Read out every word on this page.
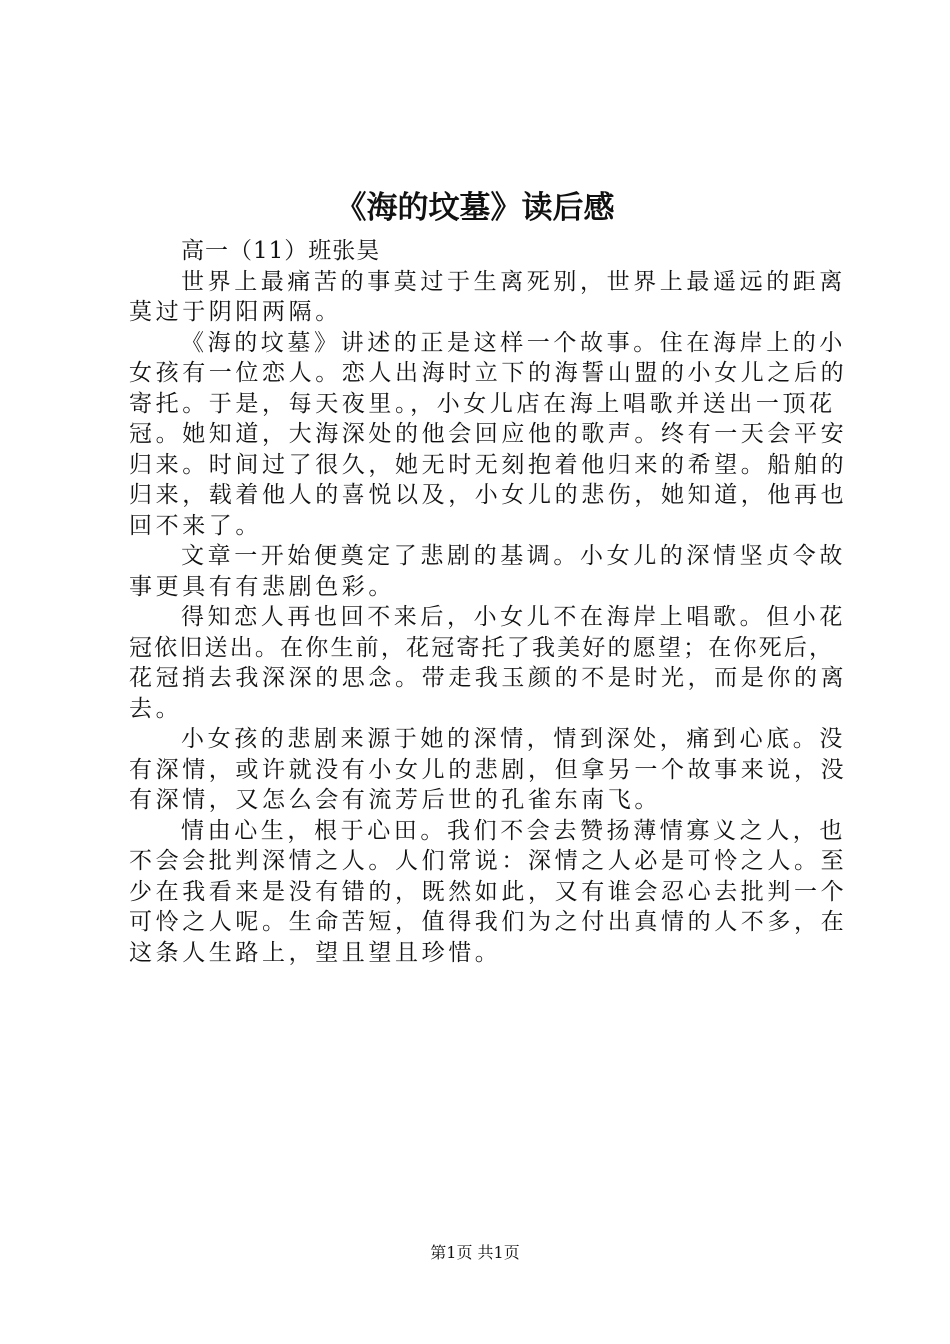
《海的坟墓》读后感
高一（11）班张昊
世界上最痛苦的事莫过于生离死别，世界上最遥远的距离
莫过于阴阳两隔。
《海的坟墓》讲述的正是这样一个故事。住在海岸上的小
女孩有一位恋人。恋人出海时立下的海誓山盟的小女儿之后的
寄托。于是，每天夜里。，小女儿店在海上唱歌并送出一顶花
冠。她知道，大海深处的他会回应他的歌声。终有一天会平安
归来。时间过了很久，她无时无刻抱着他归来的希望。船舶的
归来，载着他人的喜悦以及，小女儿的悲伤，她知道，他再也
回不来了。
文章一开始便奠定了悲剧的基调。小女儿的深情坚贞令故
事更具有有悲剧色彩。
得知恋人再也回不来后，小女儿不在海岸上唱歌。但小花
冠依旧送出。在你生前，花冠寄托了我美好的愿望；在你死后，
花冠捎去我深深的思念。带走我玉颜的不是时光，而是你的离
去。
小女孩的悲剧来源于她的深情，情到深处，痛到心底。没
有深情，或许就没有小女儿的悲剧，但拿另一个故事来说，没
有深情，又怎么会有流芳后世的孔雀东南飞。
情由心生，根于心田。我们不会去赞扬薄情寡义之人，也
不会会批判深情之人。人们常说：深情之人必是可怜之人。至
少在我看来是没有错的，既然如此，又有谁会忍心去批判一个
可怜之人呢。生命苦短，值得我们为之付出真情的人不多，在
这条人生路上，望且望且珍惜。
第1页 共1页
